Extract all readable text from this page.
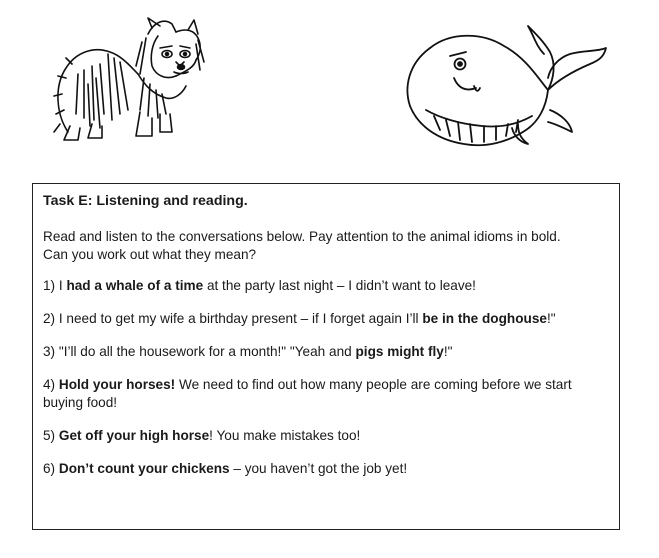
Task E: Listening and reading.

Read and listen to the conversations below. Pay attention to the animal idioms in bold.
Can you work out what they mean?

1) I had a whale of a time at the party last night – I didn’t want to leave!
2) I need to get my wife a birthday present – if I forget again I’ll be in the doghouse!"
3) "I’ll do all the housework for a month!" "Yeah and pigs might fly!"
4) Hold your horses! We need to find out how many people are coming before we start buying food!
5) Get off your high horse! You make mistakes too!
6) Don’t count your chickens – you haven’t got the job yet!
